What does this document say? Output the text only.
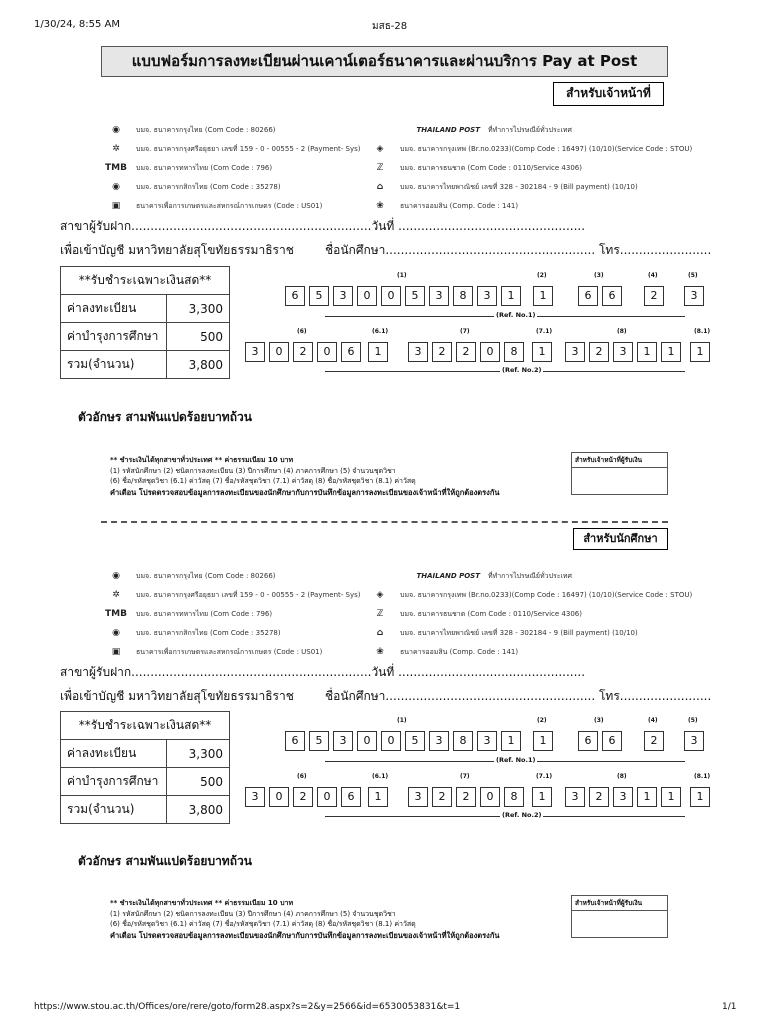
1/30/24, 8:55 AM	มสธ-28
แบบฟอร์มการลงทะเบียนผ่านเคาน์เตอร์ธนาคารและผ่านบริการ Pay at Post
สำหรับเจ้าหน้าที่
◉	บมจ. ธนาคารกรุงไทย (Com Code : 80266)
✲	บมจ. ธนาคารกรุงศรีอยุธยา เลขที่ 159 - 0 - 00555 - 2 (Payment- Sys)
TMB บมจ. ธนาคารทหารไทย (Com Code : 796)
◉	บมจ. ธนาคารกสิกรไทย (Com Code : 35278)
▣	ธนาคารเพื่อการเกษตรและสหกรณ์การเกษตร (Code : US01)
THAILAND POST ที่ทำการไปรษณีย์ทั่วประเทศ
◈	บมจ. ธนาคารกรุงเทพ (Br.no.0233)(Comp Code : 16497) (10/10)(Service Code : STOU)
ℤ	บมจ. ธนาคารธนชาต (Com Code : 0110/Service 4306)
⌂	บมจ. ธนาคารไทยพาณิชย์ เลขที่ 328 - 302184 - 9 (Bill payment) (10/10)
❀	ธนาคารออมสิน (Comp. Code : 141)
สาขาผู้รับฝาก...............................................................วันที่ .................................................
เพื่อเข้าบัญชี มหาวิทยาลัยสุโขทัยธรรมาธิราช	ชื่อนักศึกษา....................................................... โทร........................
**รับชำระเฉพาะเงินสด**	
ค่าลงทะเบียน	3,300
ค่าบำรุงการศึกษา	500
รวม(จำนวน)	3,800
(1)
6	5	3	0	0	5	3	8	3	1
(2)
1
(3)
6	6
(4)
2
(5)
3
(Ref. No.1)
(6)
3	0	2	0	6
(6.1)
1
(7)
3	2	2	0	8
(7.1)
1
(8)
3	2	3	1	1
(8.1)
1
(Ref. No.2)
ตัวอักษร สามพันแปดร้อยบาทถ้วน
** ชำระเงินได้ทุกสาขาทั่วประเทศ ** ค่าธรรมเนียม 10 บาท
(1) รหัสนักศึกษา (2) ชนิดการลงทะเบียน (3) ปีการศึกษา (4) ภาคการศึกษา (5) จำนวนชุดวิชา
(6) ชื่อ/รหัสชุดวิชา (6.1) ค่าวัสดุ (7) ชื่อ/รหัสชุดวิชา (7.1) ค่าวัสดุ (8) ชื่อ/รหัสชุดวิชา (8.1) ค่าวัสดุ
คำเตือน โปรดตรวจสอบข้อมูลการลงทะเบียนของนักศึกษากับการบันทึกข้อมูลการลงทะเบียนของเจ้าหน้าที่ให้ถูกต้องตรงกัน
สำหรับเจ้าหน้าที่ผู้รับเงิน
สำหรับนักศึกษา
◉	บมจ. ธนาคารกรุงไทย (Com Code : 80266)
✲	บมจ. ธนาคารกรุงศรีอยุธยา เลขที่ 159 - 0 - 00555 - 2 (Payment- Sys)
TMB บมจ. ธนาคารทหารไทย (Com Code : 796)
◉	บมจ. ธนาคารกสิกรไทย (Com Code : 35278)
▣	ธนาคารเพื่อการเกษตรและสหกรณ์การเกษตร (Code : US01)
THAILAND POST ที่ทำการไปรษณีย์ทั่วประเทศ
◈	บมจ. ธนาคารกรุงเทพ (Br.no.0233)(Comp Code : 16497) (10/10)(Service Code : STOU)
ℤ	บมจ. ธนาคารธนชาต (Com Code : 0110/Service 4306)
⌂	บมจ. ธนาคารไทยพาณิชย์ เลขที่ 328 - 302184 - 9 (Bill payment) (10/10)
❀	ธนาคารออมสิน (Comp. Code : 141)
สาขาผู้รับฝาก...............................................................วันที่ .................................................
เพื่อเข้าบัญชี มหาวิทยาลัยสุโขทัยธรรมาธิราช	ชื่อนักศึกษา....................................................... โทร........................
**รับชำระเฉพาะเงินสด**	
ค่าลงทะเบียน	3,300
ค่าบำรุงการศึกษา	500
รวม(จำนวน)	3,800
(1)
6	5	3	0	0	5	3	8	3	1
(2)
1
(3)
6	6
(4)
2
(5)
3
(Ref. No.1)
(6)
3	0	2	0	6
(6.1)
1
(7)
3	2	2	0	8
(7.1)
1
(8)
3	2	3	1	1
(8.1)
1
(Ref. No.2)
ตัวอักษร สามพันแปดร้อยบาทถ้วน
** ชำระเงินได้ทุกสาขาทั่วประเทศ ** ค่าธรรมเนียม 10 บาท
(1) รหัสนักศึกษา (2) ชนิดการลงทะเบียน (3) ปีการศึกษา (4) ภาคการศึกษา (5) จำนวนชุดวิชา
(6) ชื่อ/รหัสชุดวิชา (6.1) ค่าวัสดุ (7) ชื่อ/รหัสชุดวิชา (7.1) ค่าวัสดุ (8) ชื่อ/รหัสชุดวิชา (8.1) ค่าวัสดุ
คำเตือน โปรดตรวจสอบข้อมูลการลงทะเบียนของนักศึกษากับการบันทึกข้อมูลการลงทะเบียนของเจ้าหน้าที่ให้ถูกต้องตรงกัน
สำหรับเจ้าหน้าที่ผู้รับเงิน
https://www.stou.ac.th/Offices/ore/rere/goto/form28.aspx?s=2&y=2566&id=6530053831&t=1	1/1
